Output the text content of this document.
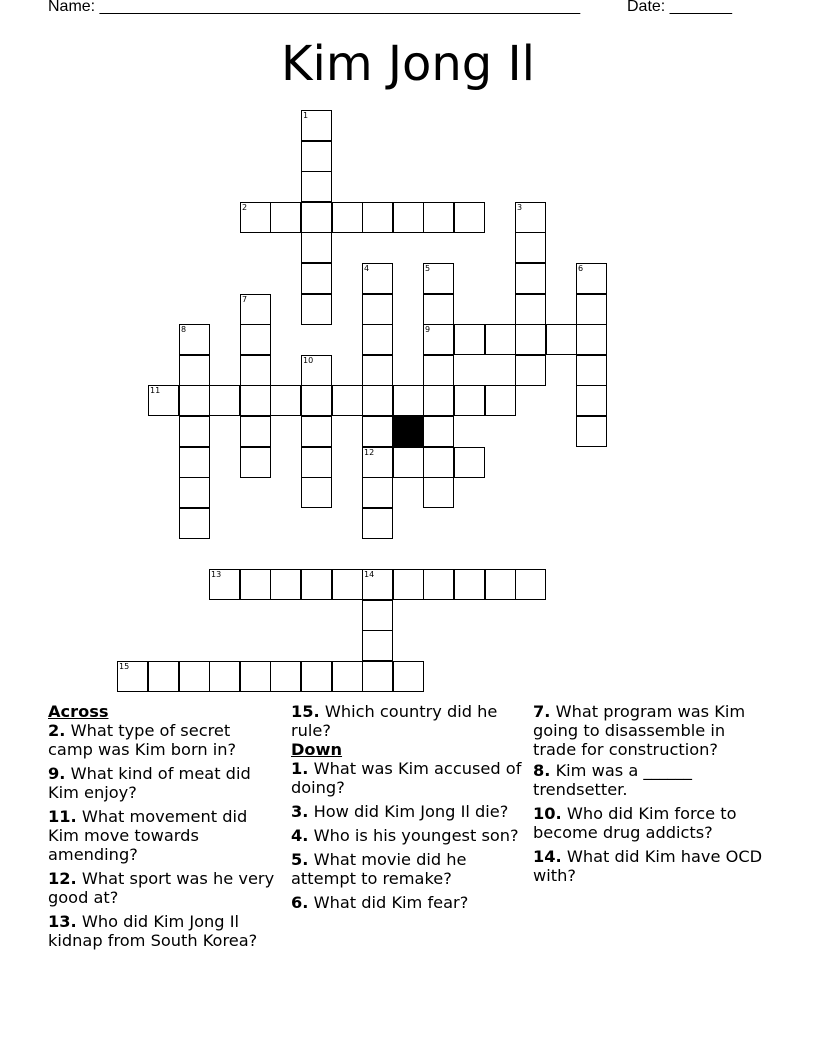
Name: ______________________________________________________	Date: _______
Kim Jong Il
2
9
11
12
13	14
15
1
3
4	5	6
7
8
10

Across

2. What type of secret camp was Kim born in?

9. What kind of meat did Kim enjoy?

11. What movement did Kim move towards amending?

12. What sport was he very good at?

13. Who did Kim Jong Il kidnap from South Korea?

15. Which country did he rule?

Down

1. What was Kim accused of doing?

3. How did Kim Jong Il die?

4. Who is his youngest son?

5. What movie did he attempt to remake?

6. What did Kim fear?

7. What program was Kim going to disassemble in trade for construction?

8. Kim was a ______ trendsetter.

10. Who did Kim force to become drug addicts?

14. What did Kim have OCD with?
